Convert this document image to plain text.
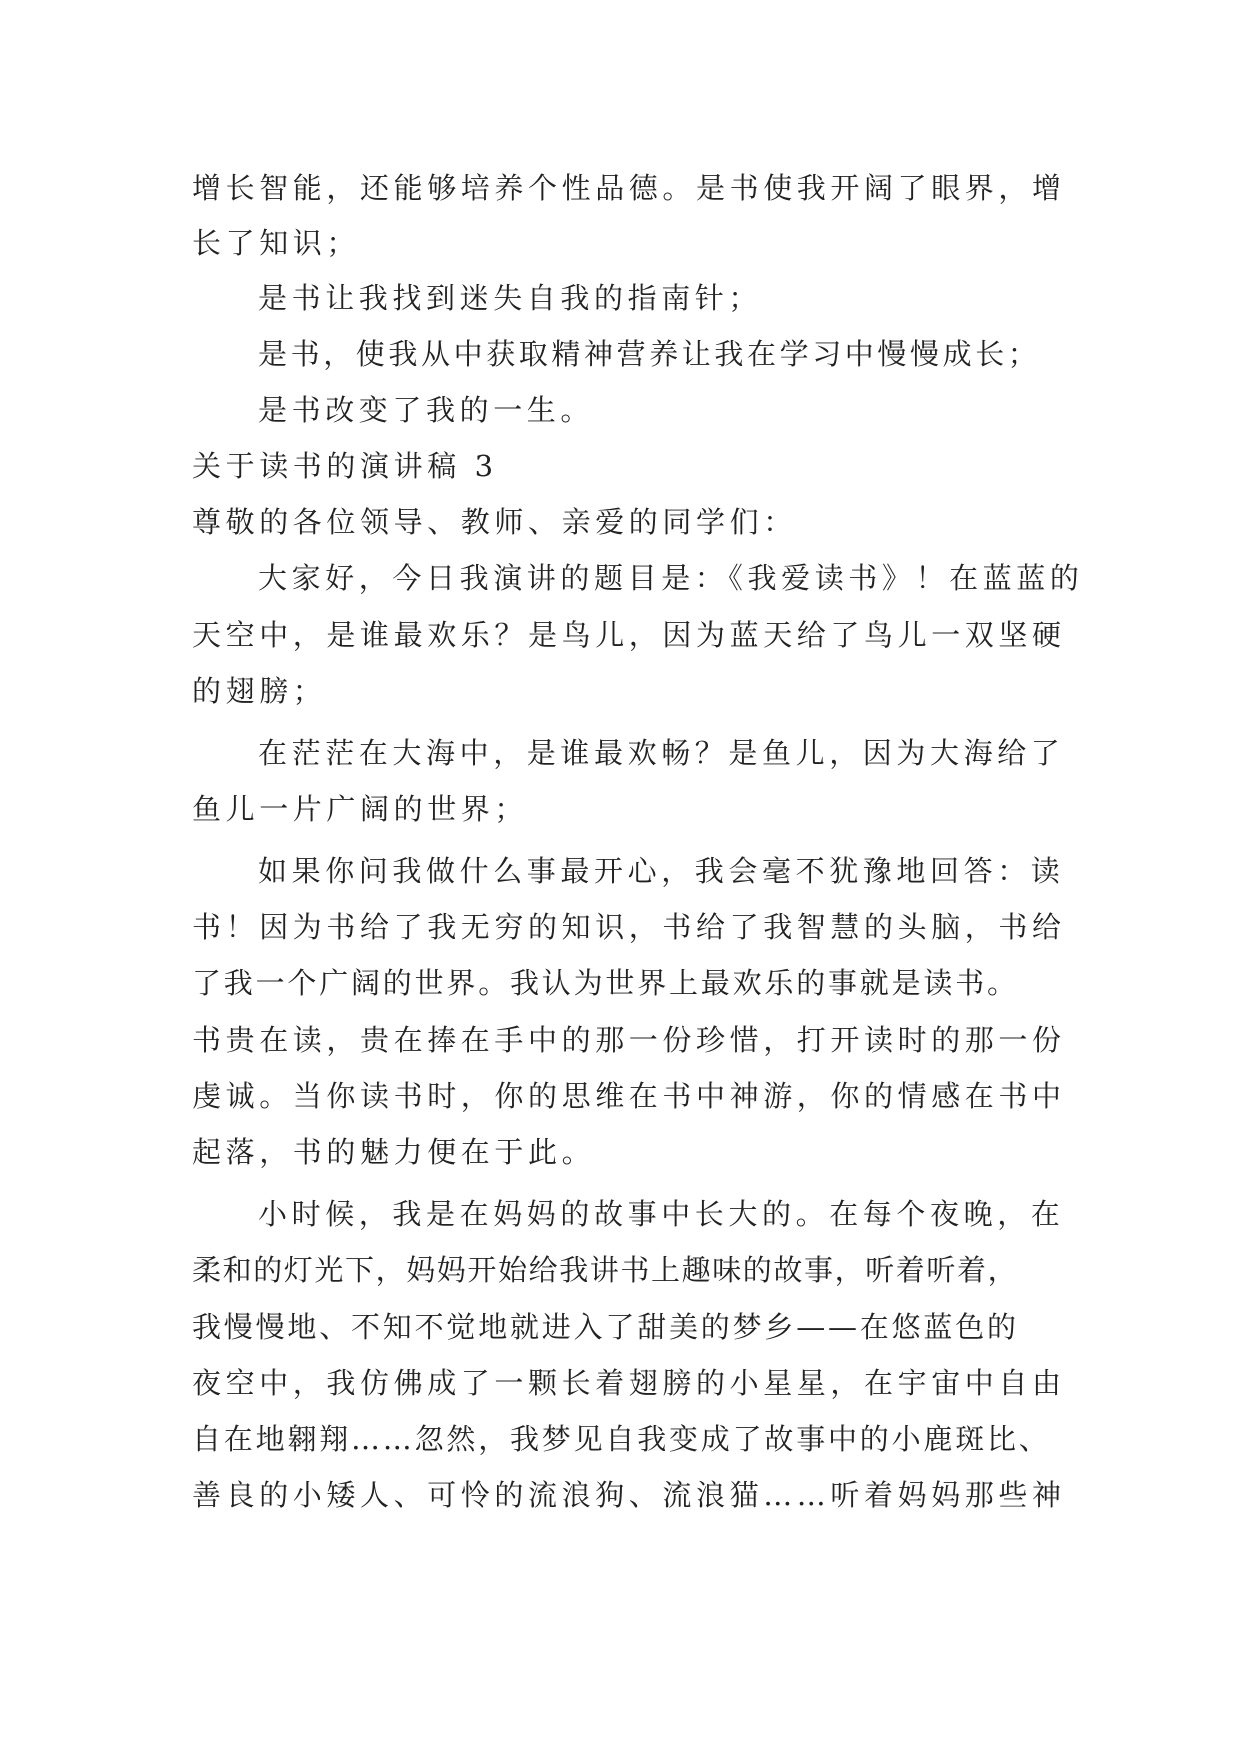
增长智能，还能够培养个性品德。是书使我开阔了眼界，增

长了知识；

是书让我找到迷失自我的指南针；

是书，使我从中获取精神营养让我在学习中慢慢成长；

是书改变了我的一生。

关于读书的演讲稿 3

尊敬的各位领导、教师、亲爱的同学们：

大家好，今日我演讲的题目是：《我爱读书》！在蓝蓝的

天空中，是谁最欢乐？是鸟儿，因为蓝天给了鸟儿一双坚硬

的翅膀；

在茫茫在大海中，是谁最欢畅？是鱼儿，因为大海给了

鱼儿一片广阔的世界；

如果你问我做什么事最开心，我会毫不犹豫地回答：读

书！因为书给了我无穷的知识，书给了我智慧的头脑，书给

了我一个广阔的世界。我认为世界上最欢乐的事就是读书。

书贵在读，贵在捧在手中的那一份珍惜，打开读时的那一份

虔诚。当你读书时，你的思维在书中神游，你的情感在书中

起落，书的魅力便在于此。

小时候，我是在妈妈的故事中长大的。在每个夜晚，在

柔和的灯光下，妈妈开始给我讲书上趣味的故事，听着听着，

我慢慢地、不知不觉地就进入了甜美的梦乡——在悠蓝色的

夜空中，我仿佛成了一颗长着翅膀的小星星，在宇宙中自由

自在地翱翔……忽然，我梦见自我变成了故事中的小鹿斑比、

善良的小矮人、可怜的流浪狗、流浪猫……听着妈妈那些神
